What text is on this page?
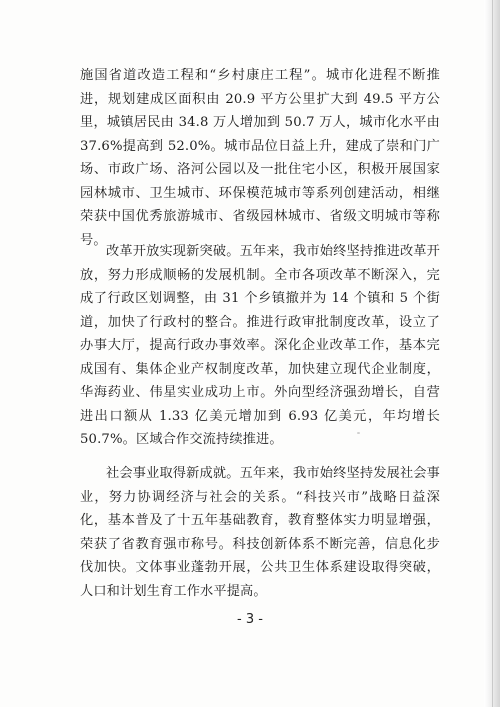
施国省道改造工程和“乡村康庄工程”。城市化进程不断推进，规划建成区面积由 20.9 平方公里扩大到 49.5 平方公里，城镇居民由 34.8 万人增加到 50.7 万人，城市化水平由 37.6%提高到 52.0%。城市品位日益上升，建成了崇和门广场、市政广场、洛河公园以及一批住宅小区，积极开展国家园林城市、卫生城市、环保模范城市等系列创建活动，相继荣获中国优秀旅游城市、省级园林城市、省级文明城市等称号。

改革开放实现新突破。五年来，我市始终坚持推进改革开放，努力形成顺畅的发展机制。全市各项改革不断深入，完成了行政区划调整，由 31 个乡镇撤并为 14 个镇和 5 个街道，加快了行政村的整合。推进行政审批制度改革，设立了办事大厅，提高行政办事效率。深化企业改革工作，基本完成国有、集体企业产权制度改革，加快建立现代企业制度，华海药业、伟星实业成功上市。外向型经济强劲增长，自营进出口额从 1.33 亿美元增加到 6.93 亿美元，年均增长 50.7%。区域合作交流持续推进。

社会事业取得新成就。五年来，我市始终坚持发展社会事业，努力协调经济与社会的关系。“科技兴市”战略日益深化，基本普及了十五年基础教育，教育整体实力明显增强，荣获了省教育强市称号。科技创新体系不断完善，信息化步伐加快。文体事业蓬勃开展，公共卫生体系建设取得突破，人口和计划生育工作水平提高。

- 3 -
